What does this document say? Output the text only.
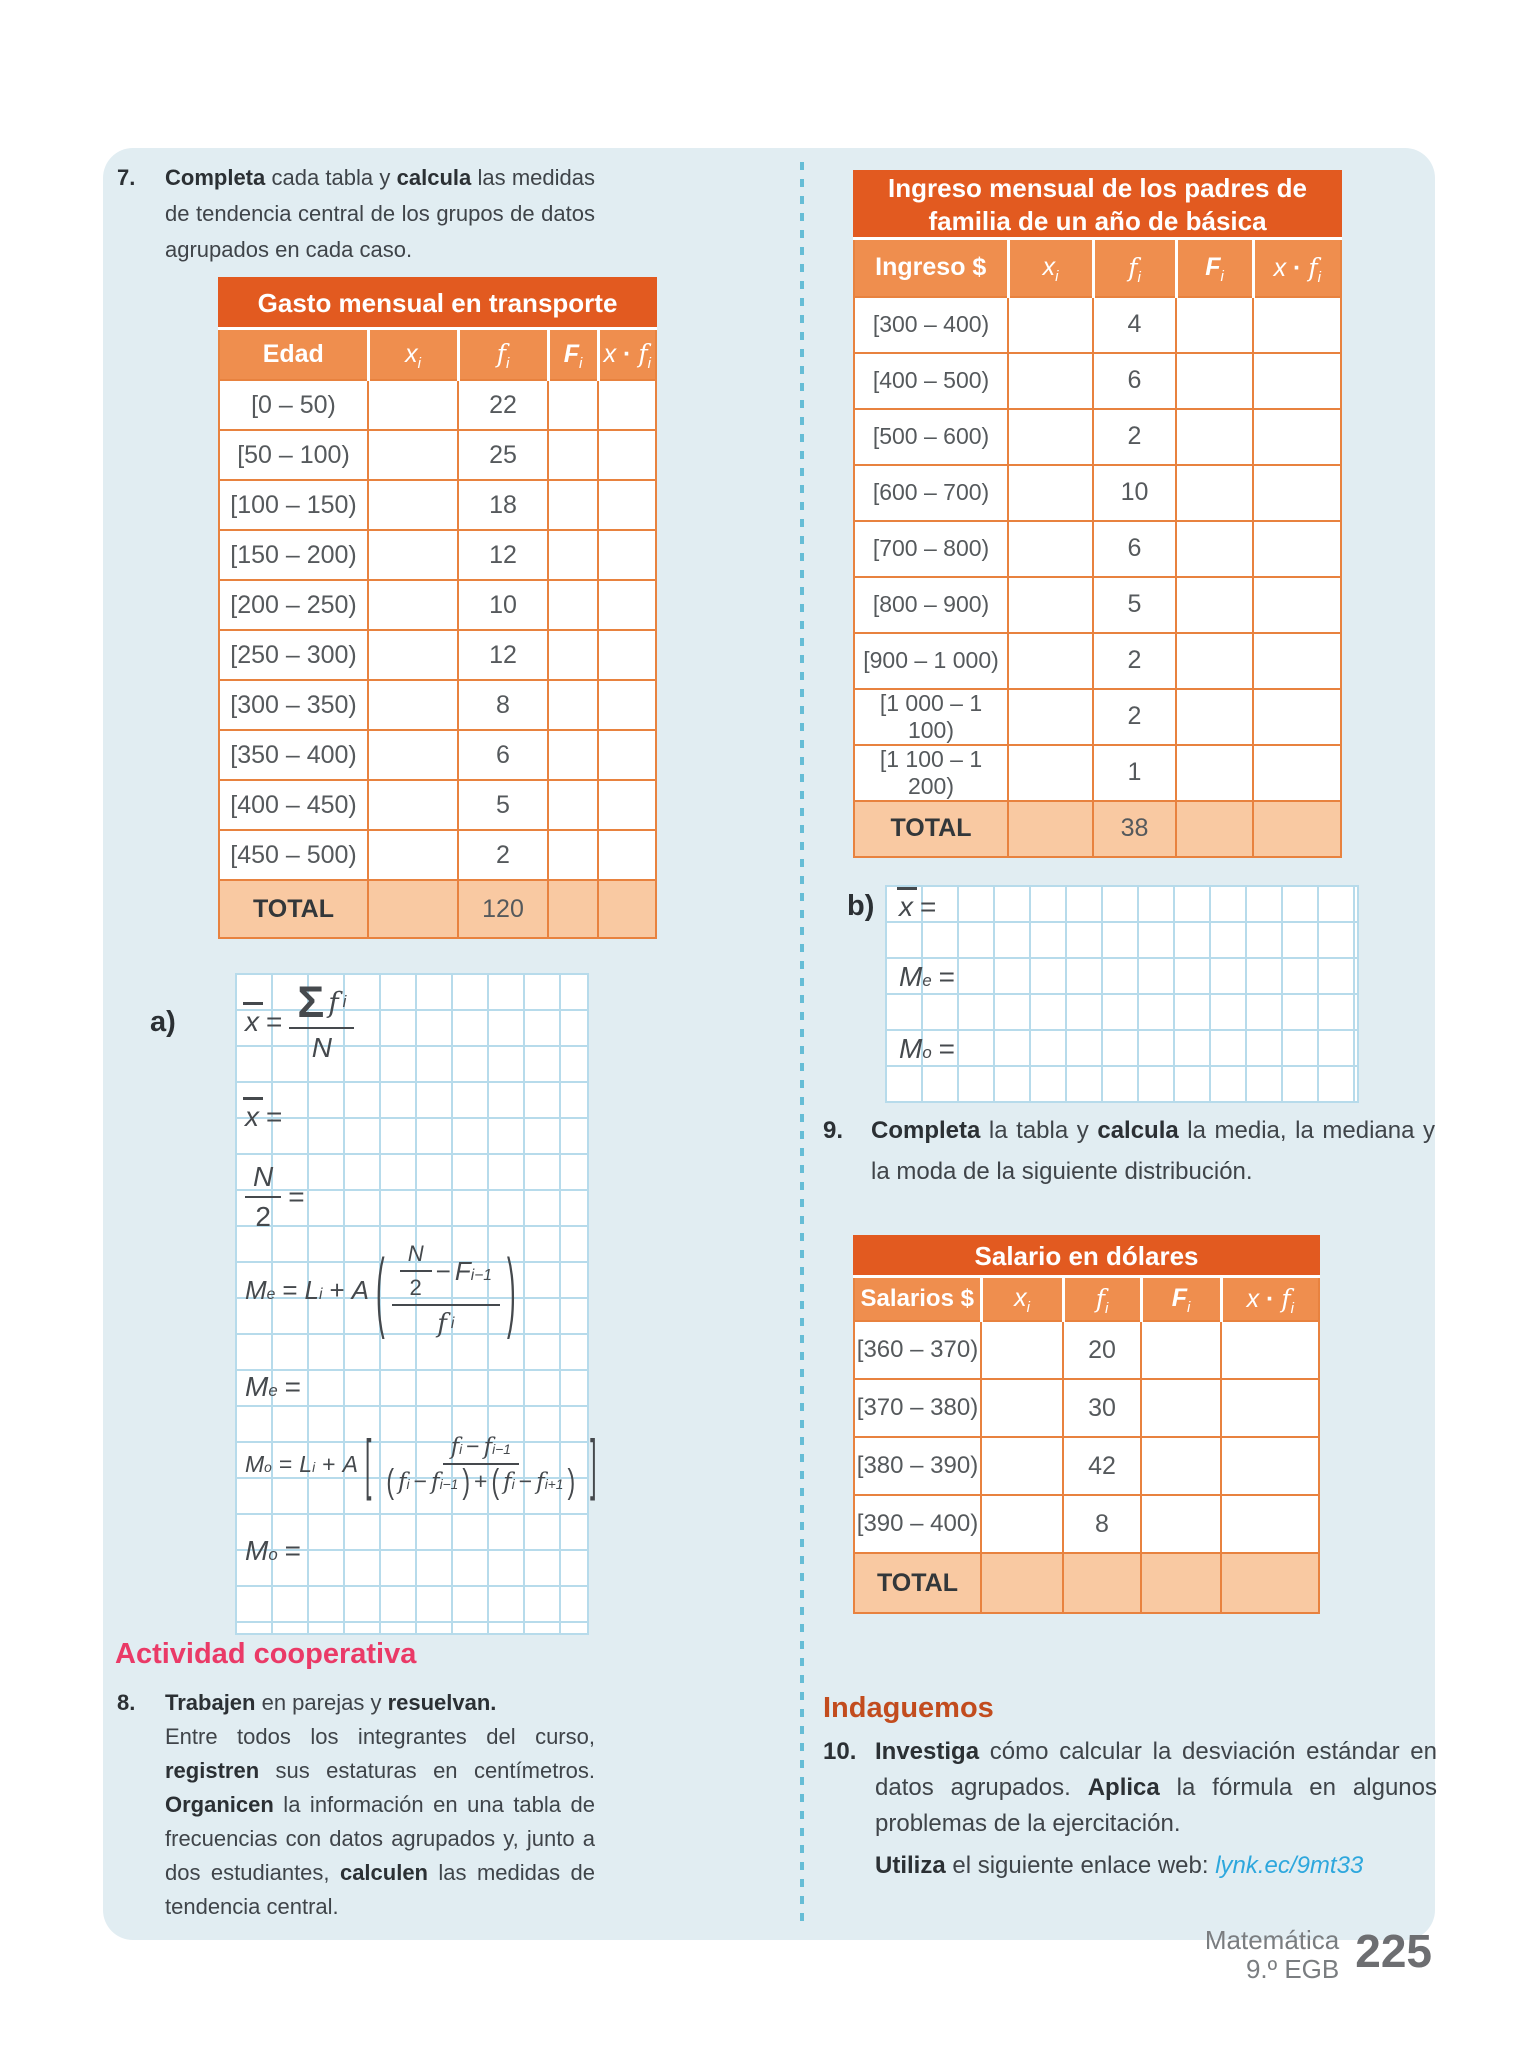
7. Completa cada tabla y calcula las medidas de tendencia central de los grupos de datos agrupados en cada caso.

Gasto mensual en transporte				
Edad	$x_i$	$f_i$	$F_i$	$x \cdot f_i$
[0 – 50)		22		
[50 – 100)		25		
[100 – 150)		18		
[150 – 200)		12		
[200 – 250)		10		
[250 – 300)		12		
[300 – 350)		8		
[350 – 400)		6		
[400 – 450)		5		
[450 – 500)		2		
TOTAL		120		
a) $x = \frac{\text{Σ f i}}{N}$
x =
$\frac{N}{2}$ =
M e = L i + A ( $\frac{\frac{N}{2} - F i-1}{\text{f i}}$ )
M e =
M o = L i + A [	f i − f i−1
( f i − f i−1 ) + ( f i − f i+1 ) ]
M o =
Actividad cooperativa

8. Trabajen en parejas y resuelvan.

Entre todos los integrantes del curso, registren sus estaturas en centímetros. Organicen la información en una tabla de frecuencias con datos agrupados y, junto a dos estudiantes, calculen las medidas de tendencia central.

Ingreso mensual de los padres de familia de un año de básica				
Ingreso $	$x_i$	$f_i$	$F_i$	$x \cdot f_i$
[300 – 400)		4		
[400 – 500)		6		
[500 – 600)		2		
[600 – 700)		10		
[700 – 800)		6		
[800 – 900)		5		
[900 – 1 000)		2		
[1 000 – 1 100)		2		
[1 100 – 1 200)		1		
TOTAL		38		
b) x =
M e =
M o =

9. Completa la tabla y calcula la media, la mediana y la moda de la siguiente distribución.

Salario en dólares				
Salarios $	$x_i$	$f_i$	$F_i$	$x \cdot f_i$
[360 – 370)		20		
[370 – 380)		30		
[380 – 390)		42		
[390 – 400)		8		
TOTAL				
Indaguemos

10. Investiga cómo calcular la desviación estándar en datos agrupados. Aplica la fórmula en algunos problemas de la ejercitación.

Utiliza el siguiente enlace web: lynk.ec/9mt33

Matemática
9.º EGB 225
